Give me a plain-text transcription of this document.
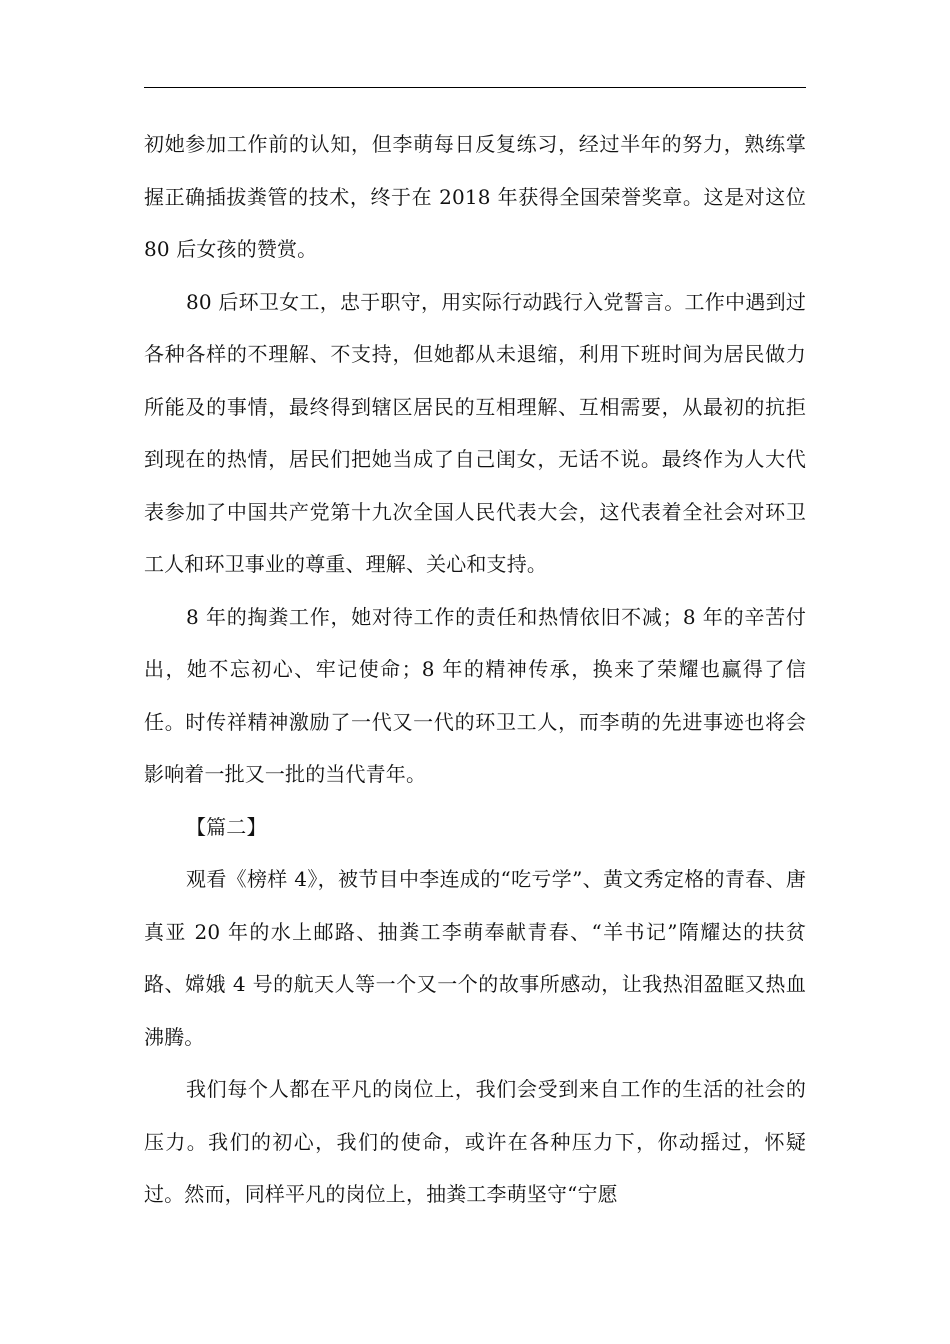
初她参加工作前的认知，但李萌每日反复练习，经过半年的努力，熟练掌握正确插拔粪管的技术，终于在 2018 年获得全国荣誉奖章。这是对这位 80 后女孩的赞赏。

80 后环卫女工，忠于职守，用实际行动践行入党誓言。工作中遇到过各种各样的不理解、不支持，但她都从未退缩，利用下班时间为居民做力所能及的事情，最终得到辖区居民的互相理解、互相需要，从最初的抗拒到现在的热情，居民们把她当成了自己闺女，无话不说。最终作为人大代表参加了中国共产党第十九次全国人民代表大会，这代表着全社会对环卫工人和环卫事业的尊重、理解、关心和支持。

8 年的掏粪工作，她对待工作的责任和热情依旧不减；8 年的辛苦付出，她不忘初心、牢记使命；8 年的精神传承，换来了荣耀也赢得了信任。时传祥精神激励了一代又一代的环卫工人，而李萌的先进事迹也将会影响着一批又一批的当代青年。

【篇二】

观看《榜样 4》，被节目中李连成的“吃亏学”、黄文秀定格的青春、唐真亚 20 年的水上邮路、抽粪工李萌奉献青春、“羊书记”隋耀达的扶贫路、嫦娥 4 号的航天人等一个又一个的故事所感动，让我热泪盈眶又热血沸腾。

我们每个人都在平凡的岗位上，我们会受到来自工作的生活的社会的压力。我们的初心，我们的使命，或许在各种压力下，你动摇过，怀疑过。然而，同样平凡的岗位上，抽粪工李萌坚守“宁愿
